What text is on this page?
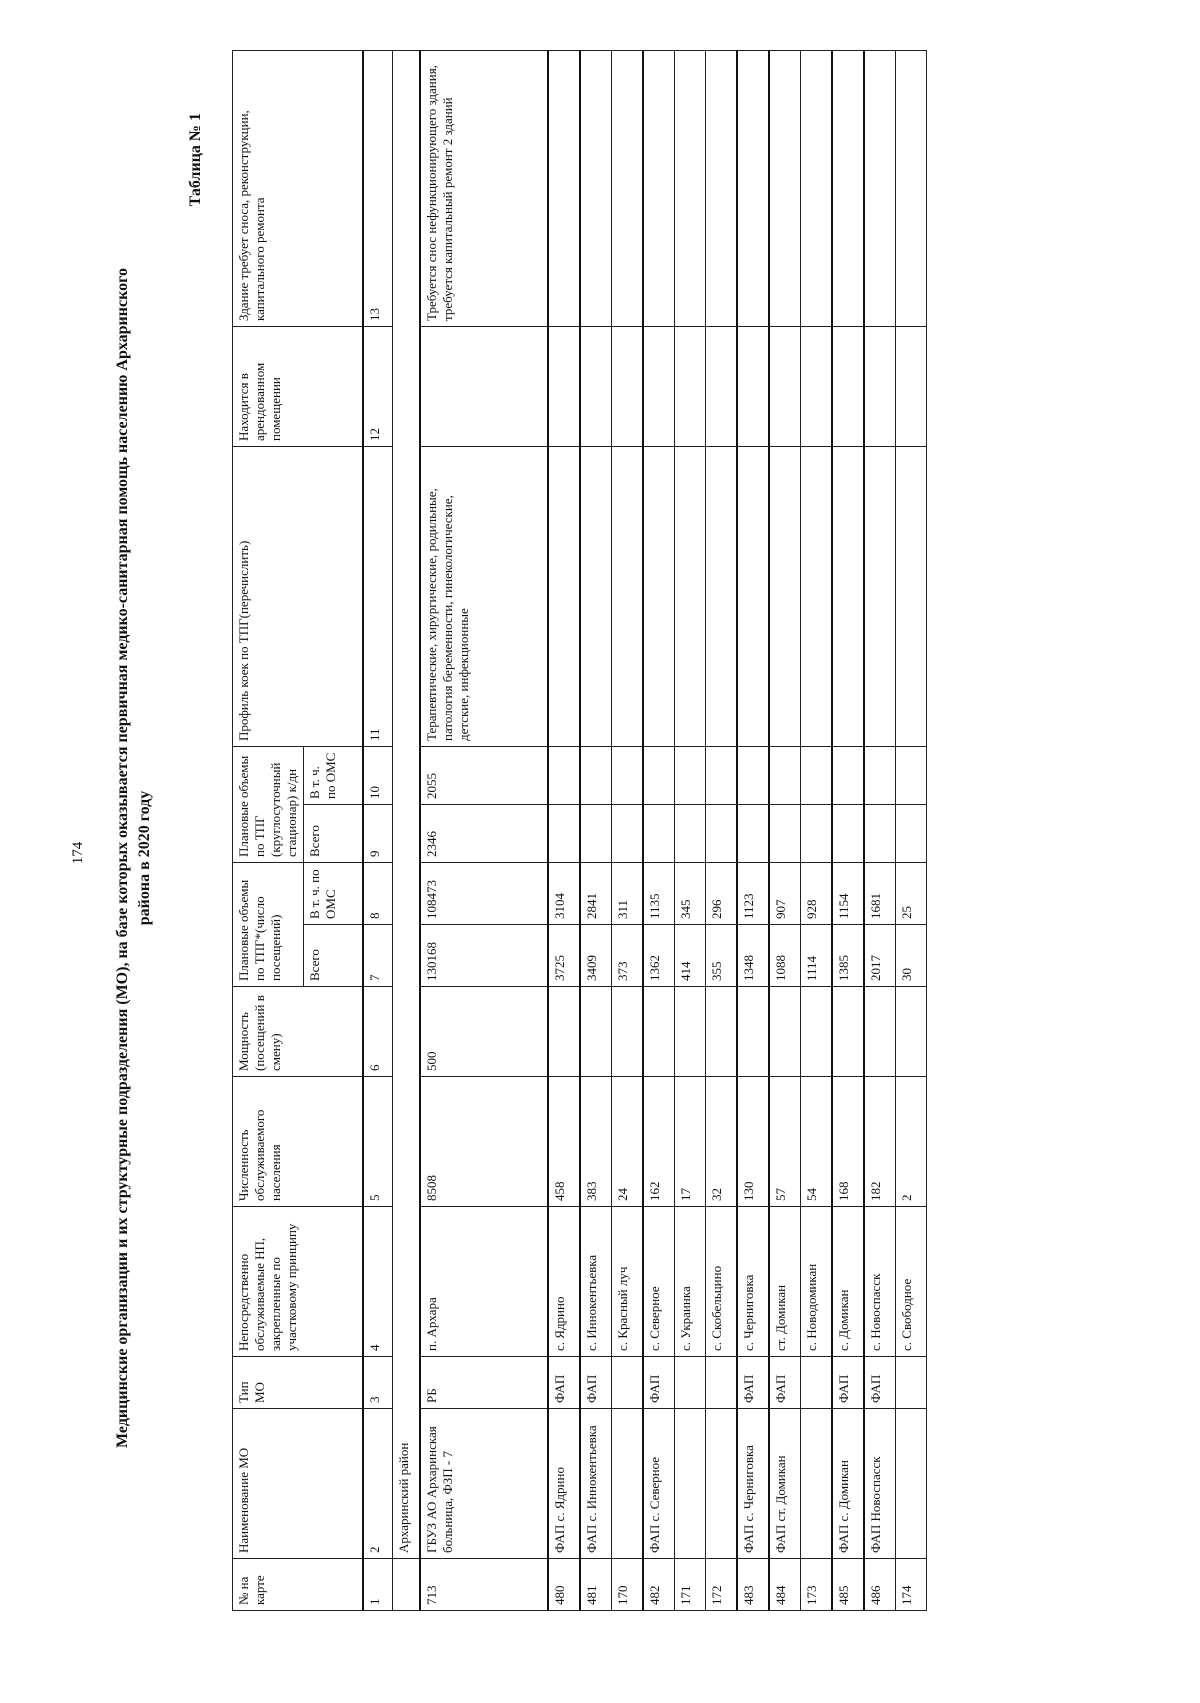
174 Медицинские организации и их структурные подразделения (МО), на базе которых оказывается первичная медико-санитарная помощь населению Архаринского района в 2020 году
Таблица № 1
№ на карте	Наименование МО	Тип МО	Непосредственно обслуживаемые НП, закрепленные по участковому принципу	Численность обслуживаемого населения	Мощность (посещений в смену)	Плановые объемы по ТПГ*(число посещений)		Плановые объемы по ТПГ (круглосуточный стационар) к/дн		Профиль коек по ТПГ(перечислить)	Находится в арендованном помещении	Здание требует сноса, реконструкции, капитального ремонта
						Всего	В т. ч. по ОМС	Всего	В т. ч. по ОМС			
1	2	3	4	5	6	7	8	9	10	11	12	13
	Архаринский район											
713	ГБУЗ АО Архаринская больница, ФЗП - 7	РБ	п. Архара	8508	500	130168	108473	2346	2055	Терапевтические, хирургические, родильные, патология беременности, гинекологические, детские, инфекционные		Требуется снос нефункционирующего здания, требуется капитальный ремонт 2 зданий
480	ФАП с. Ядрино	ФАП	с. Ядрино	458		3725	3104					
481	ФАП с. Иннокентьевка	ФАП	с. Иннокентьевка	383		3409	2841					
170			с. Красный луч	24		373	311					
482	ФАП с. Северное	ФАП	с. Северное	162		1362	1135					
171			с. Украинка	17		414	345					
172			с. Скобельцино	32		355	296					
483	ФАП с. Черниговка	ФАП	с. Черниговка	130		1348	1123					
484	ФАП ст. Домикан	ФАП	ст. Домикан	57		1088	907					
173			с. Новодомикан	54		1114	928					
485	ФАП с. Домикан	ФАП	с. Домикан	168		1385	1154					
486	ФАП Новоспасск	ФАП	с. Новоспасск	182		2017	1681					
174			с. Свободное	2		30	25					
